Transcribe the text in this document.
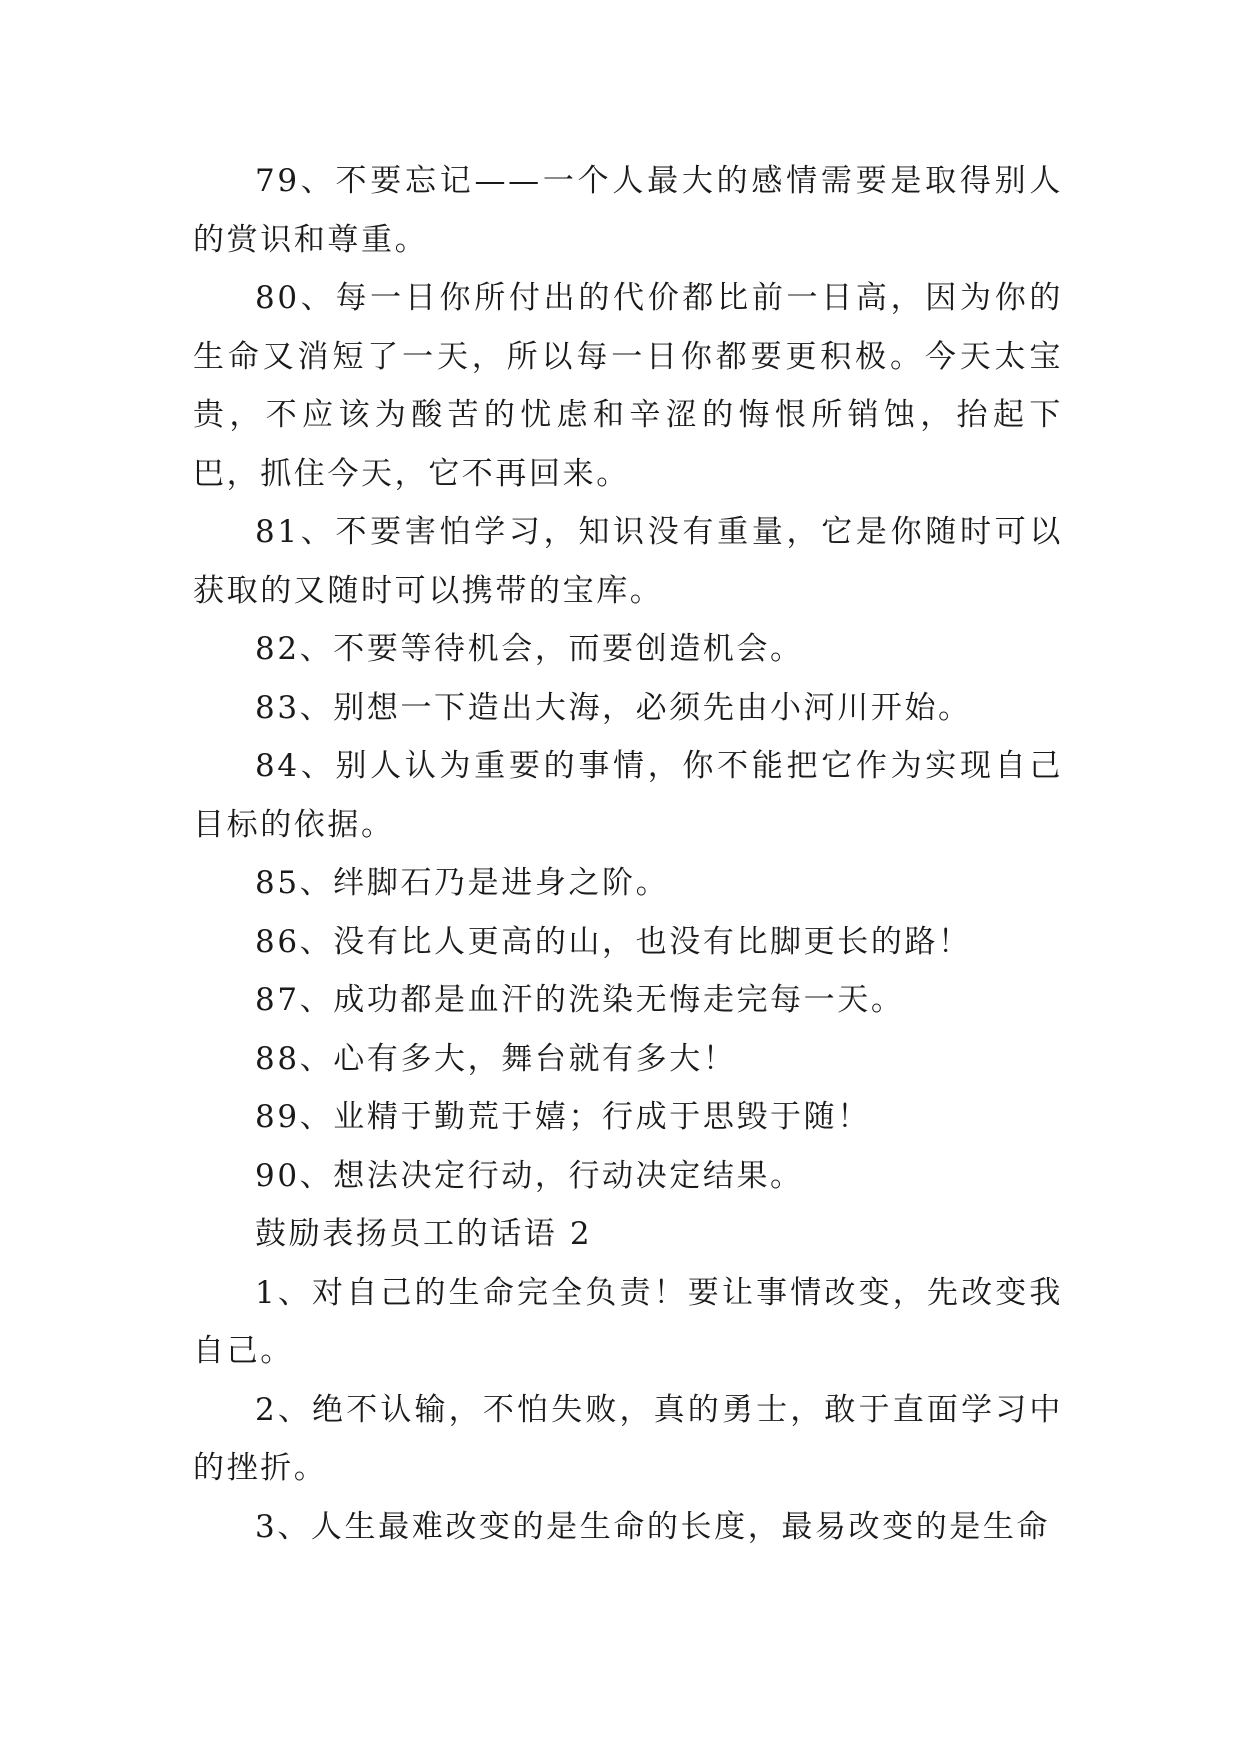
79、不要忘记——一个人最大的感情需要是取得别人的赏识和尊重。

80、每一日你所付出的代价都比前一日高，因为你的生命又消短了一天，所以每一日你都要更积极。今天太宝贵，不应该为酸苦的忧虑和辛涩的悔恨所销蚀，抬起下巴，抓住今天，它不再回来。

81、不要害怕学习，知识没有重量，它是你随时可以获取的又随时可以携带的宝库。

82、不要等待机会，而要创造机会。

83、别想一下造出大海，必须先由小河川开始。

84、别人认为重要的事情，你不能把它作为实现自己目标的依据。

85、绊脚石乃是进身之阶。

86、没有比人更高的山，也没有比脚更长的路！

87、成功都是血汗的洗染无悔走完每一天。

88、心有多大，舞台就有多大！

89、业精于勤荒于嬉；行成于思毁于随！

90、想法决定行动，行动决定结果。

鼓励表扬员工的话语 2

1、对自己的生命完全负责！要让事情改变，先改变我自己。

2、绝不认输，不怕失败，真的勇士，敢于直面学习中的挫折。

3、人生最难改变的是生命的长度，最易改变的是生命
